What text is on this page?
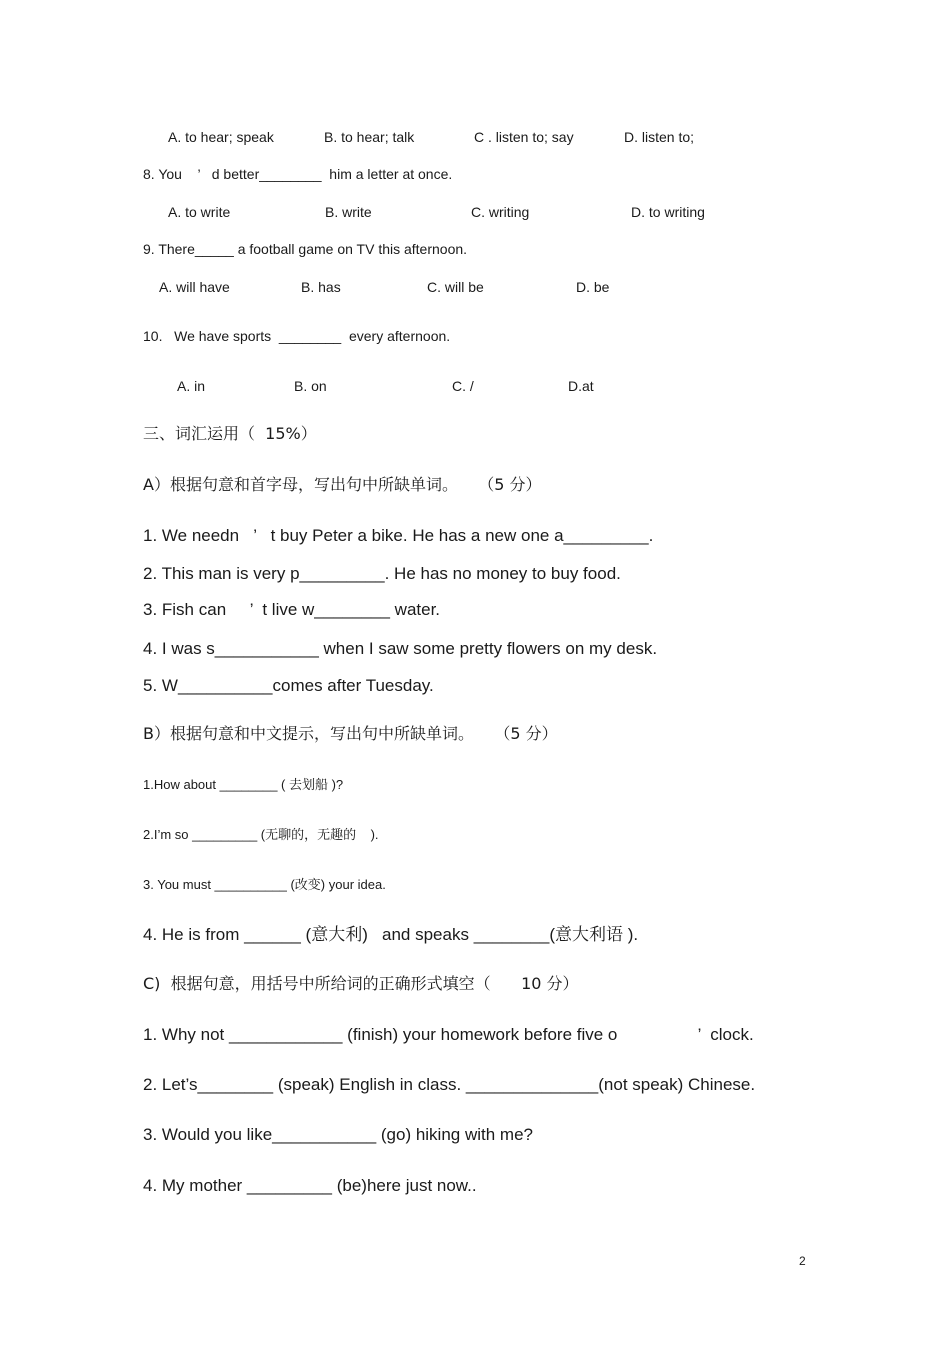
A. to hear; speak	B. to hear; talk	C . listen to; say	D. listen to;
8. You    ’   d better________  him a letter at once.
A. to write	B. write	C. writing	D. to writing
9. There_____ a football game on TV this afternoon.
A. will have	B. has	C. will be	D. be
10.   We have sports  ________  every afternoon.
A. in	B. on	C. /	D.at
三、词汇运用（  15%）
A）根据句意和首字母，写出句中所缺单词。    （5 分）
1. We needn   ’   t buy Peter a bike. He has a new one a_________.
2. This man is very p_________. He has no money to buy food.
3. Fish can     ’  t live w________ water.
4. I was s___________ when I saw some pretty flowers on my desk.
5. W__________comes after Tuesday.
B）根据句意和中文提示，写出句中所缺单词。    （5 分）
1.How about ________ ( 去划船 )?
2.I’m so _________ (无聊的，无趣的    ).
3. You must __________ (改变) your idea.
4. He is from ______ (意大利)   and speaks ________(意大利语 ).
C)  根据句意，用括号中所给词的正确形式填空（      10 分）
1. Why not ____________ (finish) your homework before five o                 ’  clock.
2. Let’s________ (speak) English in class. ______________(not speak) Chinese.
3. Would you like___________ (go) hiking with me?
4. My mother _________ (be)here just now..
2
